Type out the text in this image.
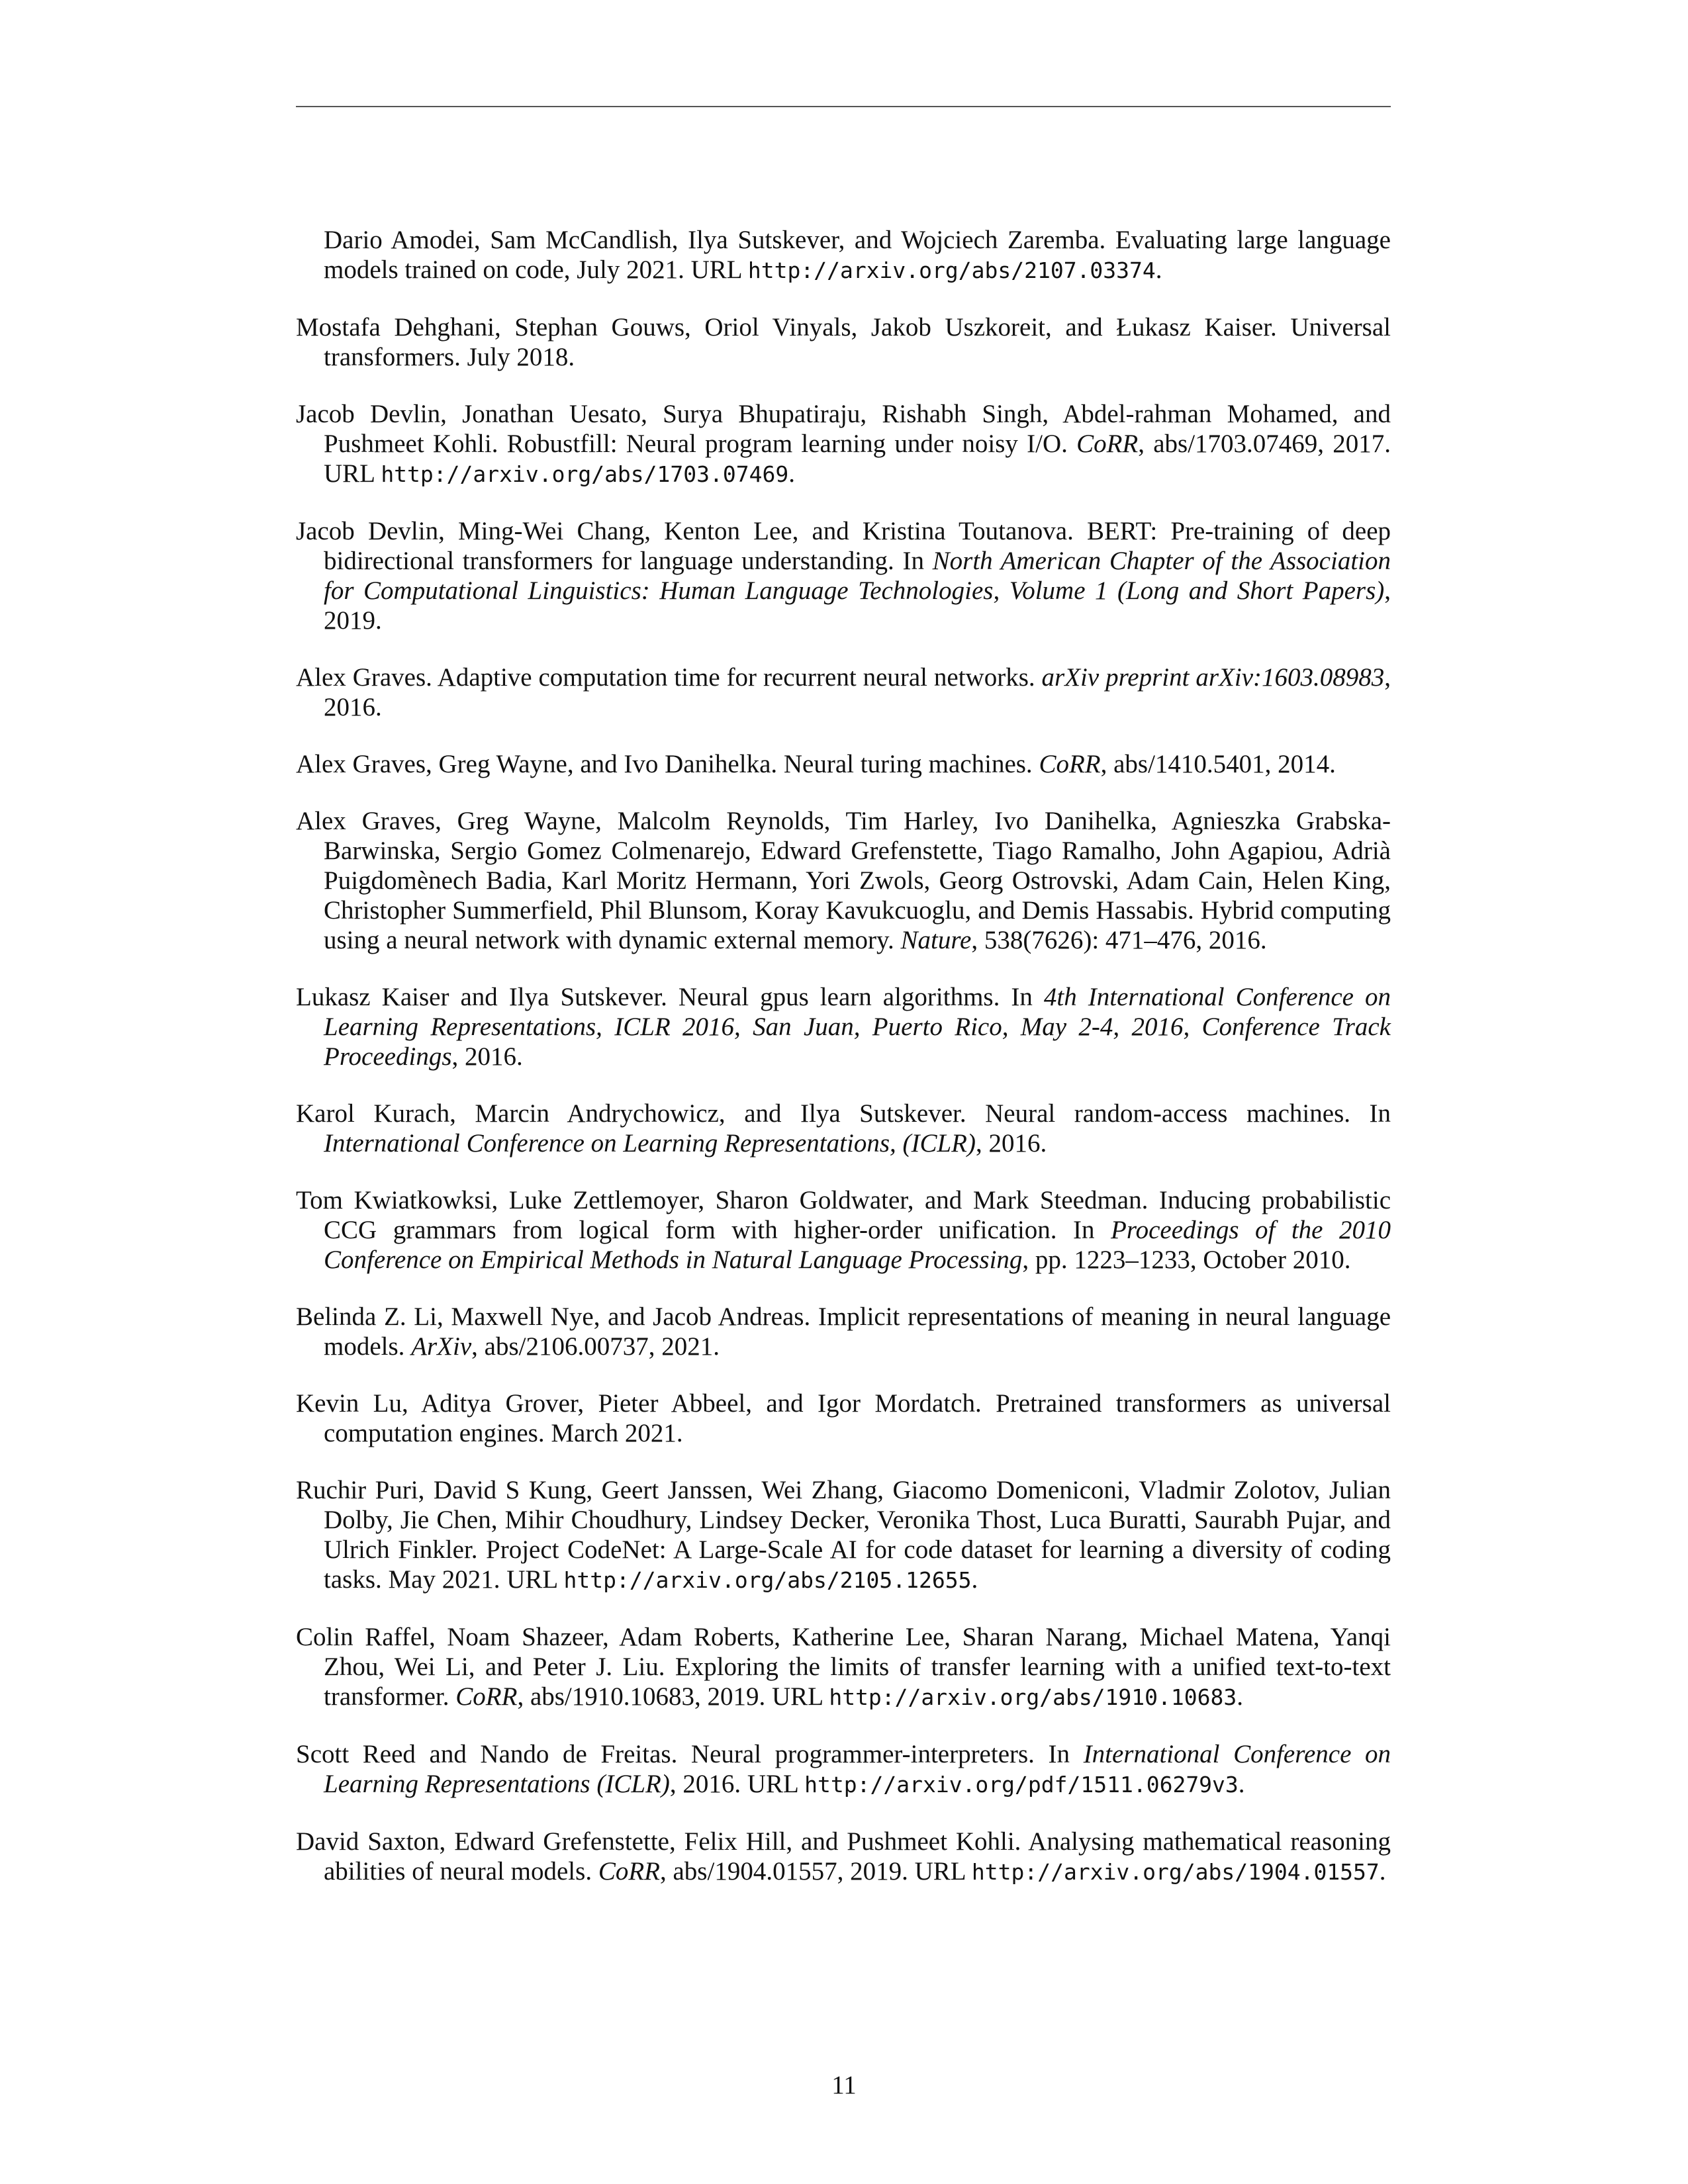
Dario Amodei, Sam McCandlish, Ilya Sutskever, and Wojciech Zaremba. Evaluating large language models trained on code, July 2021. URL http://arxiv.org/abs/2107.03374.

Mostafa Dehghani, Stephan Gouws, Oriol Vinyals, Jakob Uszkoreit, and Łukasz Kaiser. Universal transformers. July 2018.

Jacob Devlin, Jonathan Uesato, Surya Bhupatiraju, Rishabh Singh, Abdel-rahman Mohamed, and Pushmeet Kohli. Robustfill: Neural program learning under noisy I/O. CoRR, abs/1703.07469, 2017. URL http://arxiv.org/abs/1703.07469.

Jacob Devlin, Ming-Wei Chang, Kenton Lee, and Kristina Toutanova. BERT: Pre-training of deep bidirectional transformers for language understanding. In North American Chapter of the Association for Computational Linguistics: Human Language Technologies, Volume 1 (Long and Short Papers), 2019.

Alex Graves. Adaptive computation time for recurrent neural networks. arXiv preprint arXiv:1603.08983, 2016.

Alex Graves, Greg Wayne, and Ivo Danihelka. Neural turing machines. CoRR, abs/1410.5401, 2014.

Alex Graves, Greg Wayne, Malcolm Reynolds, Tim Harley, Ivo Danihelka, Agnieszka Grabska-Barwinska, Sergio Gomez Colmenarejo, Edward Grefenstette, Tiago Ramalho, John Agapiou, Adrià Puigdomènech Badia, Karl Moritz Hermann, Yori Zwols, Georg Ostrovski, Adam Cain, Helen King, Christopher Summerfield, Phil Blunsom, Koray Kavukcuoglu, and Demis Hassabis. Hybrid computing using a neural network with dynamic external memory. Nature, 538(7626): 471–476, 2016.

Lukasz Kaiser and Ilya Sutskever. Neural gpus learn algorithms. In 4th International Conference on Learning Representations, ICLR 2016, San Juan, Puerto Rico, May 2-4, 2016, Conference Track Proceedings, 2016.

Karol Kurach, Marcin Andrychowicz, and Ilya Sutskever. Neural random-access machines. In International Conference on Learning Representations, (ICLR), 2016.

Tom Kwiatkowksi, Luke Zettlemoyer, Sharon Goldwater, and Mark Steedman. Inducing probabilistic CCG grammars from logical form with higher-order unification. In Proceedings of the 2010 Conference on Empirical Methods in Natural Language Processing, pp. 1223–1233, October 2010.

Belinda Z. Li, Maxwell Nye, and Jacob Andreas. Implicit representations of meaning in neural language models. ArXiv, abs/2106.00737, 2021.

Kevin Lu, Aditya Grover, Pieter Abbeel, and Igor Mordatch. Pretrained transformers as universal computation engines. March 2021.

Ruchir Puri, David S Kung, Geert Janssen, Wei Zhang, Giacomo Domeniconi, Vladmir Zolotov, Julian Dolby, Jie Chen, Mihir Choudhury, Lindsey Decker, Veronika Thost, Luca Buratti, Saurabh Pujar, and Ulrich Finkler. Project CodeNet: A Large-Scale AI for code dataset for learning a diversity of coding tasks. May 2021. URL http://arxiv.org/abs/2105.12655.

Colin Raffel, Noam Shazeer, Adam Roberts, Katherine Lee, Sharan Narang, Michael Matena, Yanqi Zhou, Wei Li, and Peter J. Liu. Exploring the limits of transfer learning with a unified text-to-text transformer. CoRR, abs/1910.10683, 2019. URL http://arxiv.org/abs/1910.10683.

Scott Reed and Nando de Freitas. Neural programmer-interpreters. In International Conference on Learning Representations (ICLR), 2016. URL http://arxiv.org/pdf/1511.06279v3.

David Saxton, Edward Grefenstette, Felix Hill, and Pushmeet Kohli. Analysing mathematical reasoning abilities of neural models. CoRR, abs/1904.01557, 2019. URL http://arxiv.org/abs/1904.01557.

11
